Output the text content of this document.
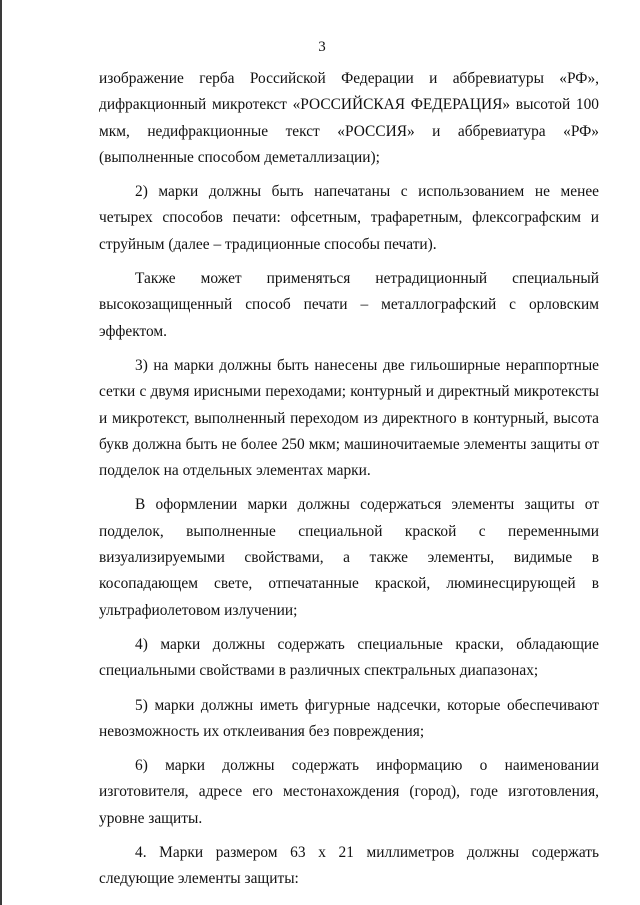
3

изображение герба Российской Федерации и аббревиатуры «РФ», дифракционный микротекст «РОССИЙСКАЯ ФЕДЕРАЦИЯ» высотой 100 мкм, недифракционные текст «РОССИЯ» и аббревиатура «РФ» (выполненные способом деметаллизации);

2) марки должны быть напечатаны с использованием не менее четырех способов печати: офсетным, трафаретным, флексографским и струйным (далее – традиционные способы печати).

Также может применяться нетрадиционный специальный высокозащищенный способ печати – металлографский с орловским эффектом.

3) на марки должны быть нанесены две гильоширные нераппортные сетки с двумя ирисными переходами; контурный и директный микротексты и микротекст, выполненный переходом из директного в контурный, высота букв должна быть не более 250 мкм; машиночитаемые элементы защиты от подделок на отдельных элементах марки.

В оформлении марки должны содержаться элементы защиты от подделок, выполненные специальной краской с переменными визуализируемыми свойствами, а также элементы, видимые в косопадающем свете, отпечатанные краской, люминесцирующей в ультрафиолетовом излучении;

4) марки должны содержать специальные краски, обладающие специальными свойствами в различных спектральных диапазонах;

5) марки должны иметь фигурные надсечки, которые обеспечивают невозможность их отклеивания без повреждения;

6) марки должны содержать информацию о наименовании изготовителя, адресе его местонахождения (город), годе изготовления, уровне защиты.

4. Марки размером 63 х 21 миллиметров должны содержать следующие элементы защиты:
